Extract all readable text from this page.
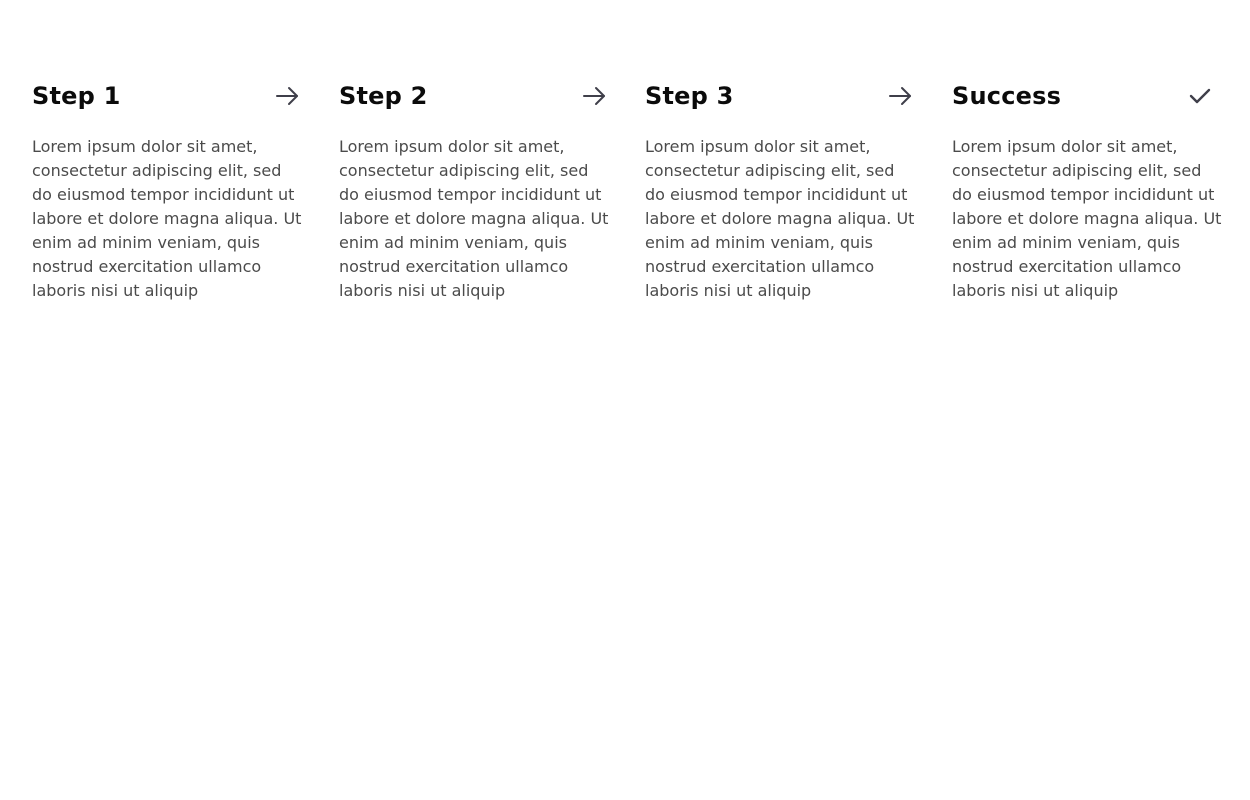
Step 1

Lorem ipsum dolor sit amet, consectetur adipiscing elit, sed do eiusmod tempor incididunt ut labore et dolore magna aliqua. Ut enim ad minim veniam, quis nostrud exercitation ullamco laboris nisi ut aliquip

Step 2

Lorem ipsum dolor sit amet, consectetur adipiscing elit, sed do eiusmod tempor incididunt ut labore et dolore magna aliqua. Ut enim ad minim veniam, quis nostrud exercitation ullamco laboris nisi ut aliquip

Step 3

Lorem ipsum dolor sit amet, consectetur adipiscing elit, sed do eiusmod tempor incididunt ut labore et dolore magna aliqua. Ut enim ad minim veniam, quis nostrud exercitation ullamco laboris nisi ut aliquip

Success

Lorem ipsum dolor sit amet, consectetur adipiscing elit, sed do eiusmod tempor incididunt ut labore et dolore magna aliqua. Ut enim ad minim veniam, quis nostrud exercitation ullamco laboris nisi ut aliquip
